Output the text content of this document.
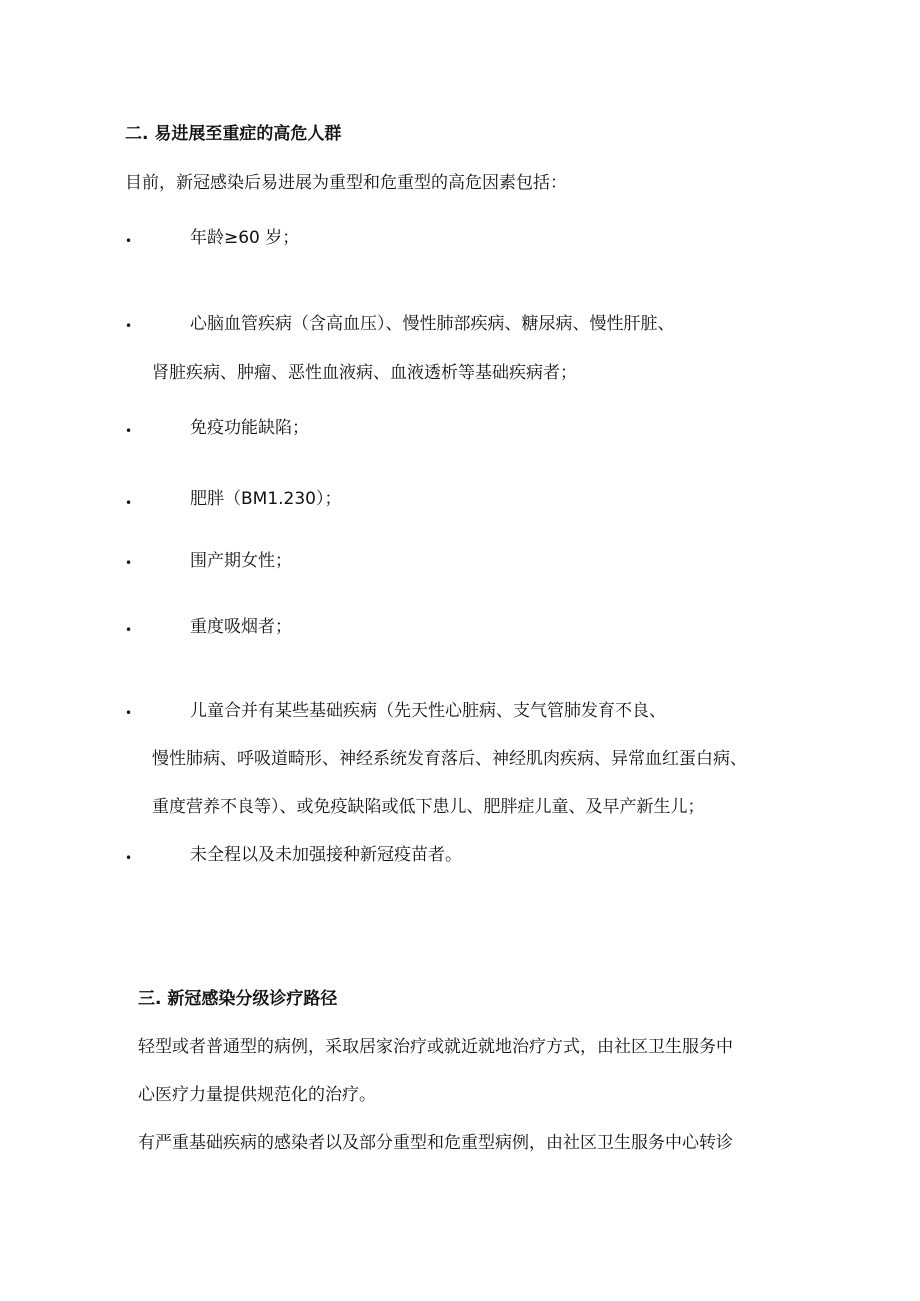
二. 易进展至重症的高危人群
目前，新冠感染后易进展为重型和危重型的高危因素包括：
•	年龄≥60 岁；
•	心脑血管疾病（含高血压）、慢性肺部疾病、糖尿病、慢性肝脏、
肾脏疾病、肿瘤、恶性血液病、血液透析等基础疾病者；
•	免疫功能缺陷；
•	肥胖（BM1.230）；
•	围产期女性；
•	重度吸烟者；
•	儿童合并有某些基础疾病（先天性心脏病、支气管肺发育不良、
慢性肺病、呼吸道畸形、神经系统发育落后、神经肌肉疾病、异常血红蛋白病、
重度营养不良等）、或免疫缺陷或低下患儿、肥胖症儿童、及早产新生儿；
•	未全程以及未加强接种新冠疫苗者。
三. 新冠感染分级诊疗路径
轻型或者普通型的病例，采取居家治疗或就近就地治疗方式，由社区卫生服务中
心医疗力量提供规范化的治疗。
有严重基础疾病的感染者以及部分重型和危重型病例，由社区卫生服务中心转诊
